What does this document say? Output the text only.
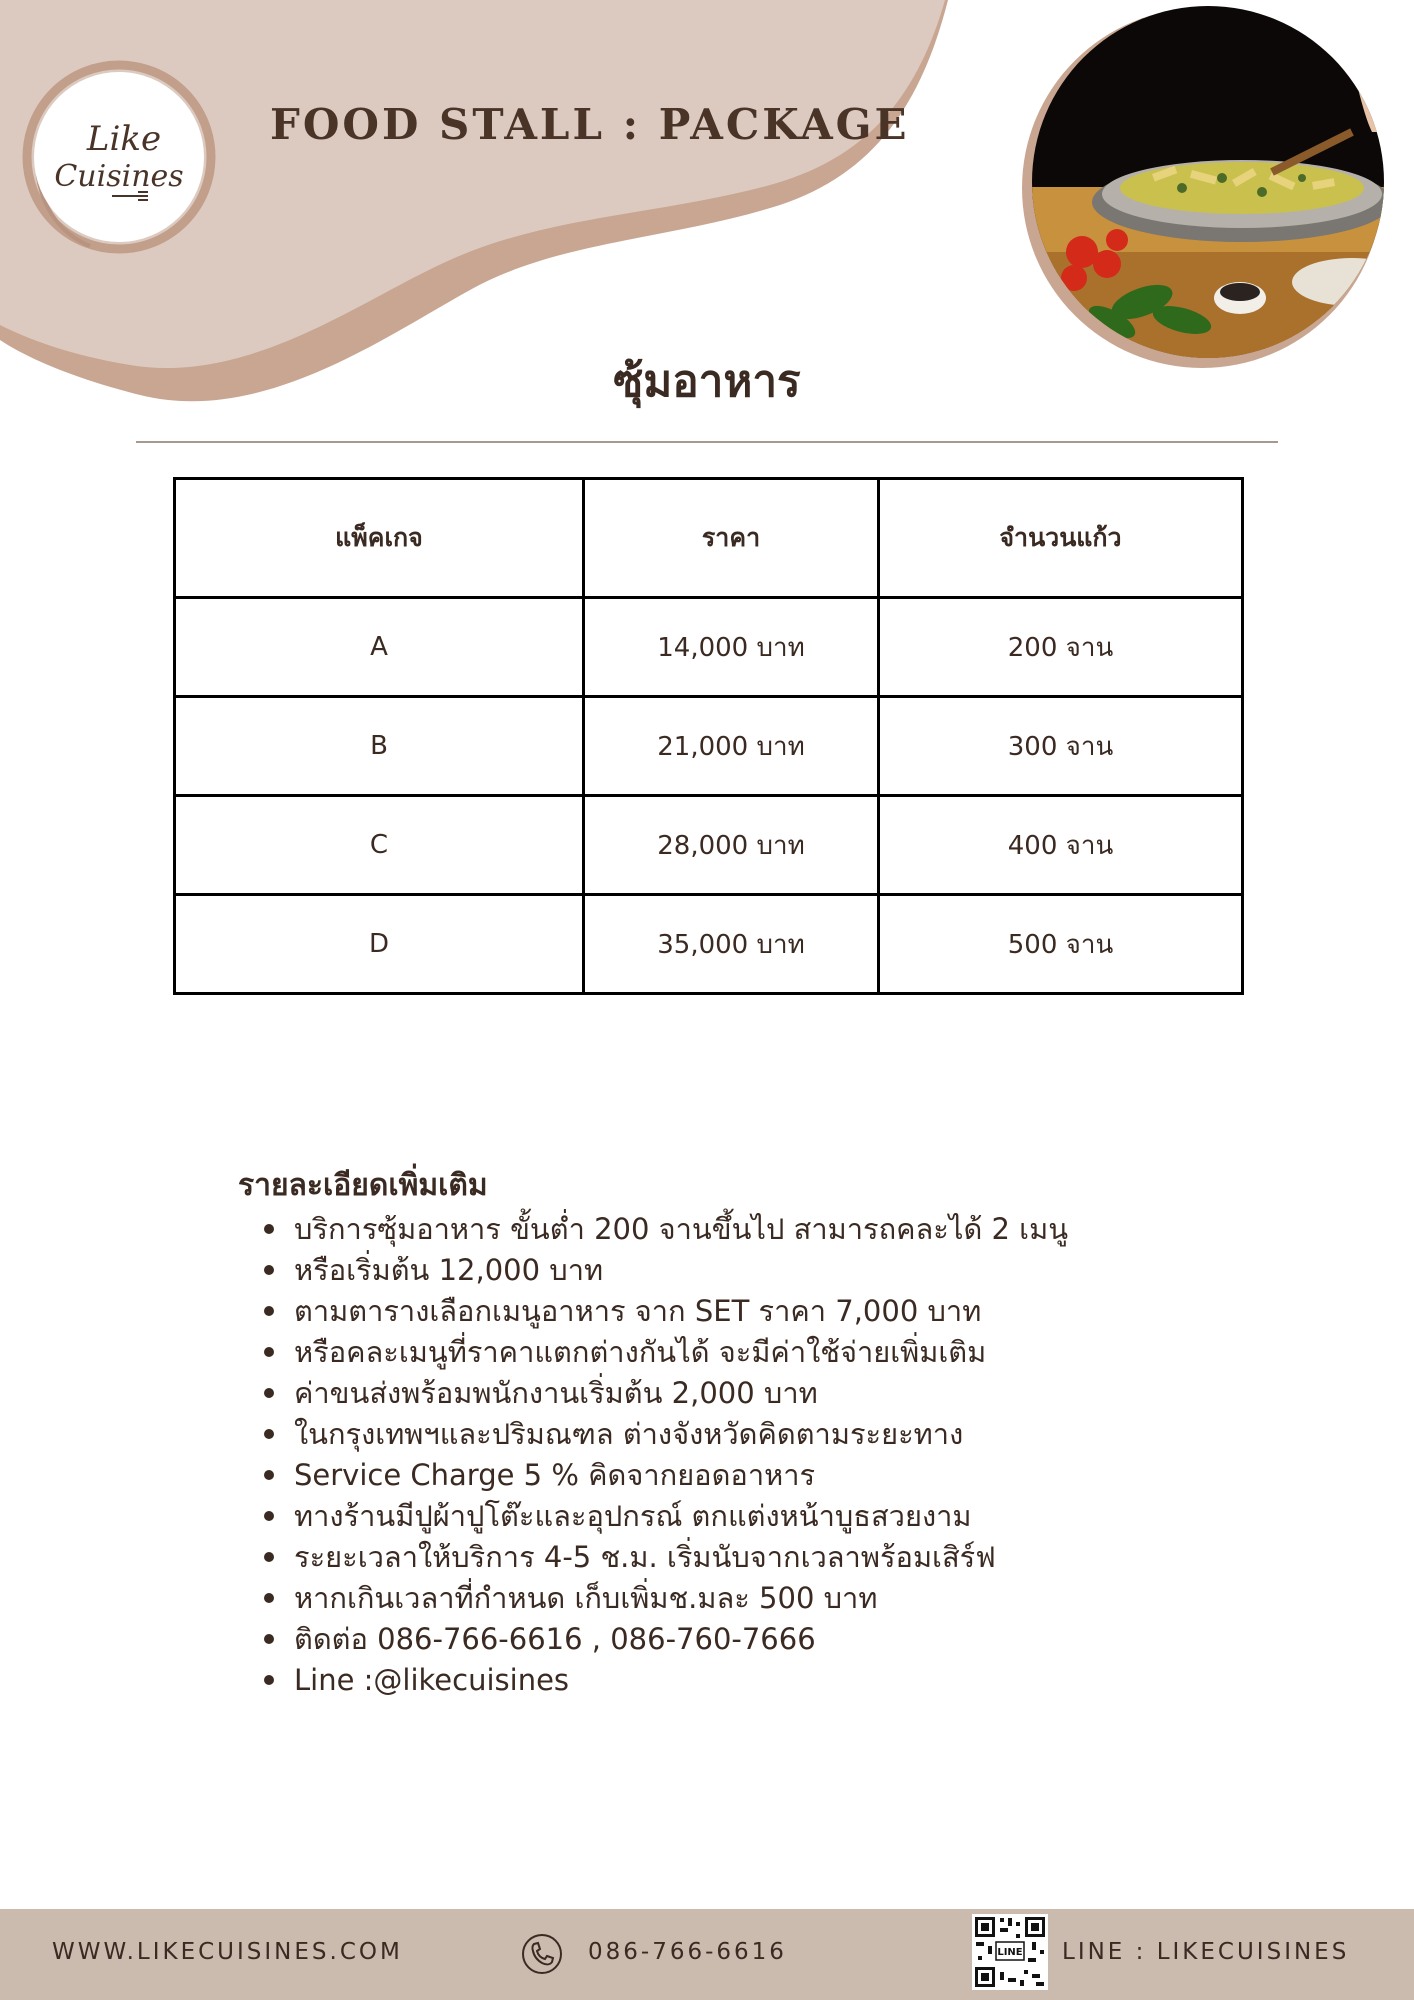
Like
Cuisines
FOOD STALL : PACKAGE
ซุ้มอาหาร
แพ็คเกจ	ราคา	จำนวนแก้ว
A	14,000 บาท	200 จาน
B	21,000 บาท	300 จาน
C	28,000 บาท	400 จาน
D	35,000 บาท	500 จาน
รายละเอียดเพิ่มเติม
บริการซุ้มอาหาร ขั้นต่ำ 200 จานขึ้นไป สามารถคละได้ 2 เมนู
หรือเริ่มต้น 12,000 บาท
ตามตารางเลือกเมนูอาหาร จาก SET ราคา 7,000 บาท
หรือคละเมนูที่ราคาแตกต่างกันได้ จะมีค่าใช้จ่ายเพิ่มเติม
ค่าขนส่งพร้อมพนักงานเริ่มต้น 2,000 บาท
ในกรุงเทพฯและปริมณฑล ต่างจังหวัดคิดตามระยะทาง
Service Charge 5 % คิดจากยอดอาหาร
ทางร้านมีปูผ้าปูโต๊ะและอุปกรณ์ ตกแต่งหน้าบูธสวยงาม
ระยะเวลาให้บริการ 4-5 ช.ม. เริ่มนับจากเวลาพร้อมเสิร์ฟ
หากเกินเวลาที่กำหนด เก็บเพิ่มช.มละ 500 บาท
ติดต่อ 086-766-6616 , 086-760-7666
Line :@likecuisines
WWW.LIKECUISINES.COM	086-766-6616	LINE : LIKECUISINES
LINE
